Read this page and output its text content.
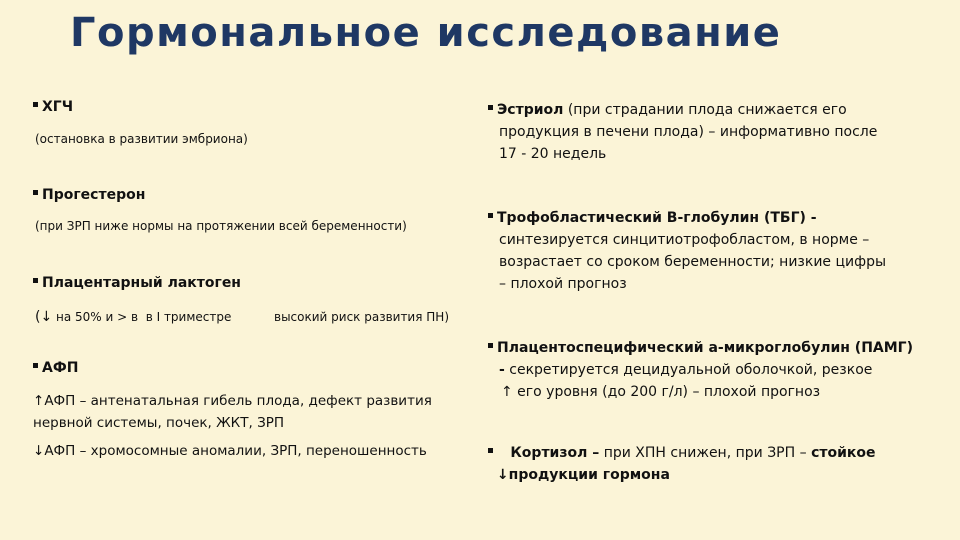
Гормональное исследование
ХГЧ
(остановка в развитии эмбриона)
Прогестерон
(при ЗРП ниже нормы на протяжении всей беременности)
Плацентарный лактоген
(↓ на 50% и > в  в I триместре	высокий риск развития ПН)
АФП
↑АФП – антенатальная гибель плода, дефект развития
нервной системы, почек, ЖКТ, ЗРП
↓АФП – хромосомные аномалии, ЗРП, переношенность
Эстриол (при страдании плода снижается его
продукция в печени плода) – информативно после
17 - 20 недель
Трофобластический В-глобулин (ТБГ) -
синтезируется синцитиотрофобластом, в норме –
возрастает со сроком беременности; низкие цифры
– плохой прогноз
Плацентоспецифический а-микроглобулин (ПАМГ)
- секретируется децидуальной оболочкой, резкое
↑ его уровня (до 200 г/л) – плохой прогноз
Кортизол – при ХПН снижен, при ЗРП – стойкое
↓продукции гормона
